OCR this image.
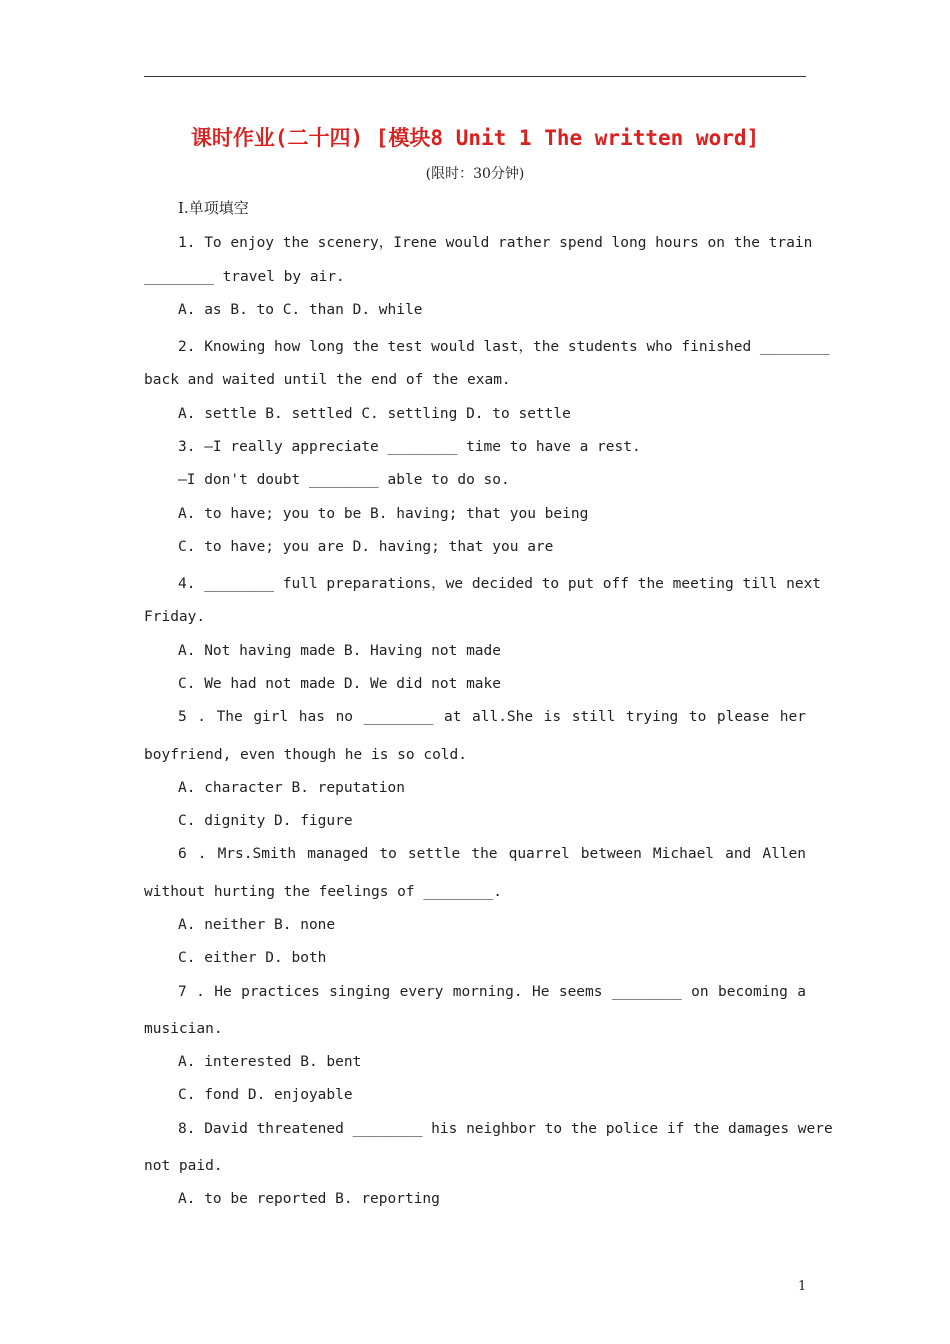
课时作业(二十四) [模块8 Unit 1 The written word]
(限时：30分钟)
Ⅰ.单项填空
1. To enjoy the scenery，Irene would rather spend long hours on the train
________ travel by air.
A. as B. to C. than D. while
2. Knowing how long the test would last，the students who finished ________
back and waited until the end of the exam.
A. settle B. settled C. settling D. to settle
3. —I really appreciate ________ time to have a rest.
—I don't doubt ________ able to do so.
A. to have; you to be B. having; that you being
C. to have; you are D. having; that you are
4. ________ full preparations，we decided to put off the meeting till next
Friday.
A. Not having made B. Having not made
C. We had not made D. We did not make
5 . The girl has no ________ at all.She is still trying to please her
boyfriend, even though he is so cold.
A. character B. reputation
C. dignity D. figure
6 . Mrs.Smith managed to settle the quarrel between Michael and Allen
without hurting the feelings of ________.
A. neither B. none
C. either D. both
7 . He practices singing every morning. He seems ________ on becoming a
musician.
A. interested B. bent
C. fond D. enjoyable
8. David threatened ________ his neighbor to the police if the damages were
not paid.
A. to be reported B. reporting
1
